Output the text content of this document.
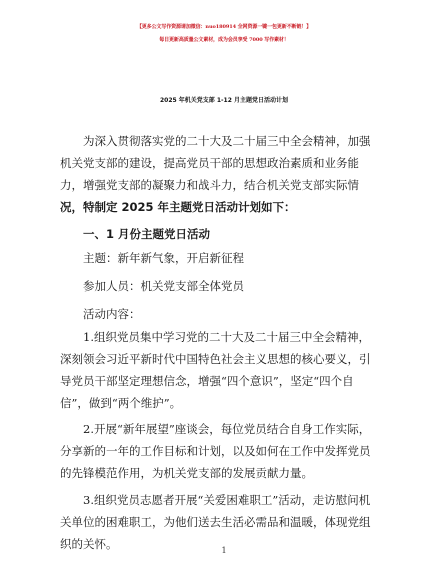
【更多公文写作资源请加微信：nuo180914 全网资源一键一包更新不断链！】
每日更新高质量公文素材，成为会员享受 7000 写作素材！
2025 年机关党支部 1-12 月主题党日活动计划
为深入贯彻落实党的二十大及二十届三中全会精神，加强
机关党支部的建设，提高党员干部的思想政治素质和业务能
力，增强党支部的凝聚力和战斗力，结合机关党支部实际情
况，特制定 2025 年主题党日活动计划如下：
一、1 月份主题党日活动
主题：新年新气象，开启新征程
参加人员：机关党支部全体党员
活动内容：
1.组织党员集中学习党的二十大及二十届三中全会精神，
深刻领会习近平新时代中国特色社会主义思想的核心要义，引
导党员干部坚定理想信念，增强“四个意识”，坚定“四个自
信”，做到“两个维护”。
2.开展“新年展望”座谈会，每位党员结合自身工作实际，
分享新的一年的工作目标和计划，以及如何在工作中发挥党员
的先锋模范作用，为机关党支部的发展贡献力量。
3.组织党员志愿者开展“关爱困难职工”活动，走访慰问机
关单位的困难职工，为他们送去生活必需品和温暖，体现党组
织的关怀。	1
